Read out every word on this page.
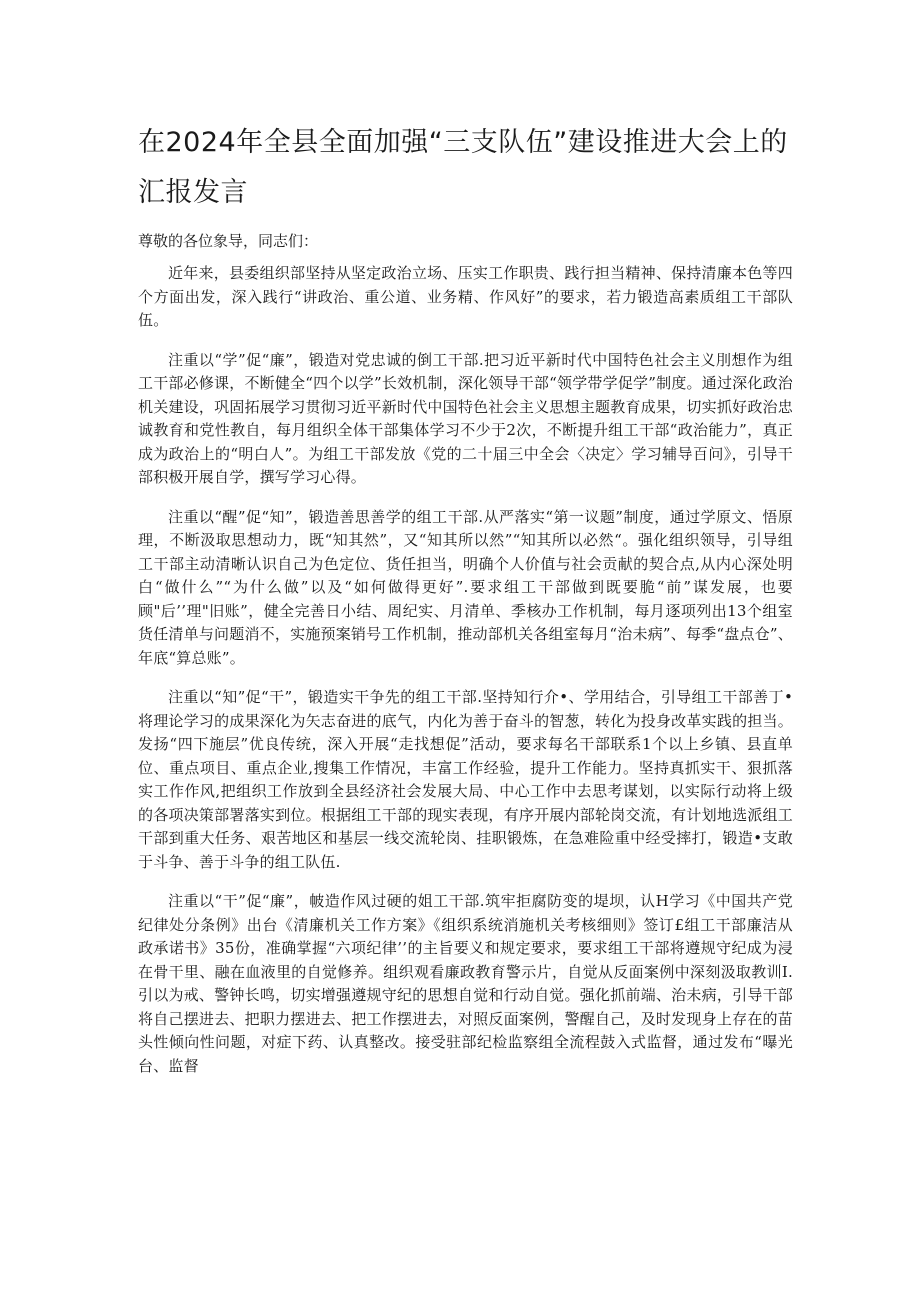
在2024年全县全面加强“三支队伍”建设推进大会上的汇报发言

尊敬的各位象导，同志们：

近年来，县委组织部坚持从坚定政治立场、压实工作职贵、践行担当精神、保持清廉本色等四个方面出发，深入践行“讲政治、重公道、业务精、作风好”的要求，若力锻造高素质组工干部队伍。

注重以“学”促“廉”，锻造对党忠诚的倒工干部.把习近平新时代中国特色社会主义刖想作为组工干部必修课，不断健全“四个以学”长效机制，深化领导干部“领学带学促学”制度。通过深化政治机关建设，巩固拓展学习贯彻习近平新时代中国特色社会主义思想主题教育成果，切实抓好政治忠诚教育和党性教自，每月组织全体干部集体学习不少于2次，不断提升组工干部“政治能力”，真正成为政治上的“明白人”。为组工干部发放《党的二十届三中全会〈决定〉学习辅导百问》，引导干部积极开展自学，撰写学习心得。

注重以“醒”促“知”，锻造善思善学的组工干部.从严落实“第一议题”制度，通过学原文、悟原理，不断汲取思想动力，既“知其然”，又“知其所以然”“知其所以必然“。强化组织领导，引导组工干部主动清晰认识自己为色定位、货任担当，明确个人价值与社会贡献的契合点,从内心深处明白“做什么”“为什么做”以及“如何做得更好”.要求组工干部做到既要脆“前”谋发展，也要顾"后’’理"旧账”，健全完善日小结、周纪实、月清单、季核办工作机制，每月逐项列出13个组室货任清单与问题消不，实施预案销号工作机制，推动部机关各组室每月“治未病”、每季“盘点仓”、年底“算总账”。

注重以“知”促“干”，锻造实干争先的组工干部.坚持知行介•、学用结合，引导组工干部善丁•将理论学习的成果深化为矢志奋进的底气，内化为善于奋斗的智葱，转化为投身改革实践的担当。发扬“四下施层”优良传统，深入开展“走找想促”活动，要求每名干部联系1个以上乡镇、县直单位、重点项目、重点企业,搜集工作情况，丰富工作经验，提升工作能力。坚持真抓实干、狠抓落实工作作风,把组织工作放到全县经济社会发展大局、中心工作中去思考谋划，以实际行动将上级的各项决策部署落实到位。根据组工干部的现实表现，有序开展内部轮岗交流，有计划地选派组工干部到重大任务、艰苦地区和基层一线交流轮岗、挂职锻炼，在急难险重中经受摔打，锻造•支敢于斗争、善于斗争的组工队伍.

注重以“干”促“廉”，帔造作风过硬的姐工干部.筑牢拒腐防变的堤坝，认H学习《中国共产党纪律处分条例》出台《清廉机关工作方案》《组织系统消施机关考核细则》签订£组工干部廉洁从政承诺书》35份，准确掌握“六项纪律’’的主旨要义和规定要求，要求组工干部将遵规守纪成为浸在骨干里、融在血液里的自觉修养。组织观看廉政教育警示片，自觉从反面案例中深刻汲取教训I.引以为戒、警钟长鸣，切实增强遵规守纪的思想自觉和行动自觉。强化抓前端、治未病，引导干部将自己摆进去、把职力摆进去、把工作摆进去，对照反面案例，警醒自己，及时发现身上存在的苗头性倾向性问题，对症下药、认真整改。接受驻部纪检监察组全流程鼓入式监督，通过发布“曝光台、监督
